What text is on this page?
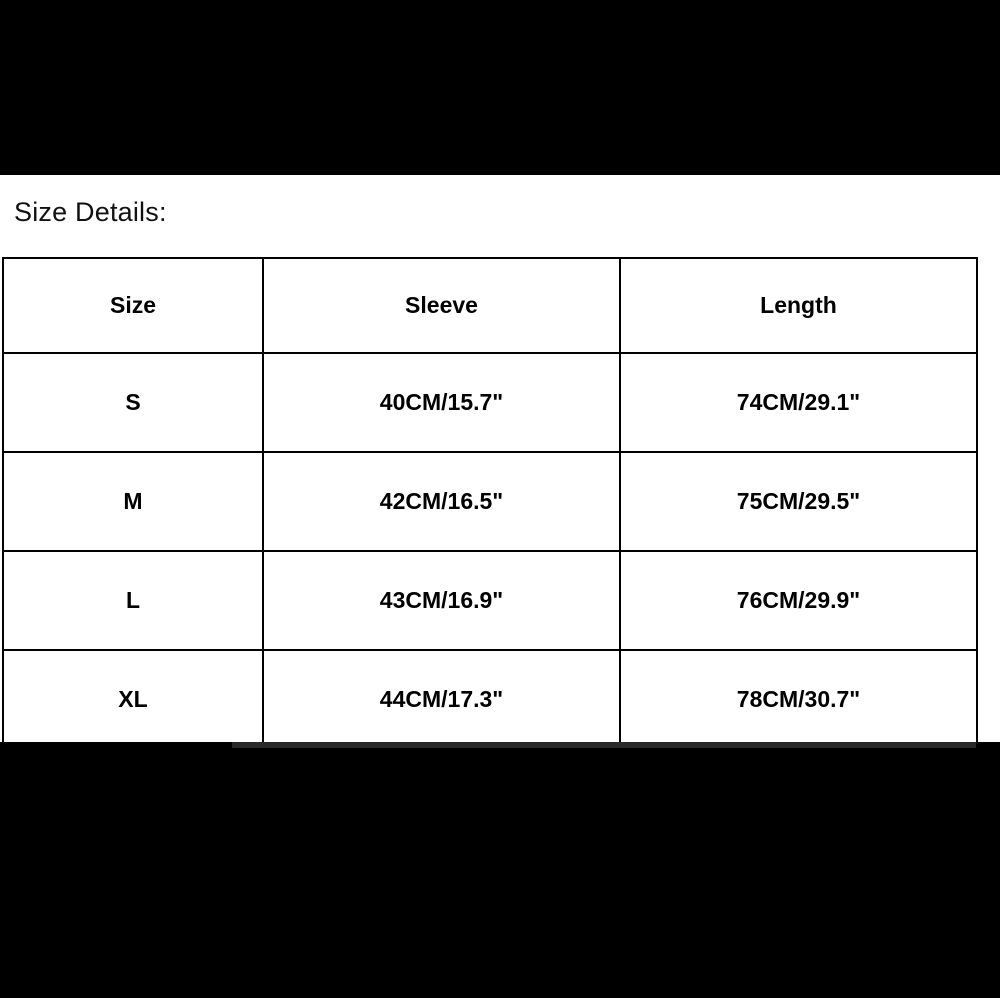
Size Details:
Size	Sleeve	Length
S	40CM/15.7"	74CM/29.1"
M	42CM/16.5"	75CM/29.5"
L	43CM/16.9"	76CM/29.9"
XL	44CM/17.3"	78CM/30.7"
